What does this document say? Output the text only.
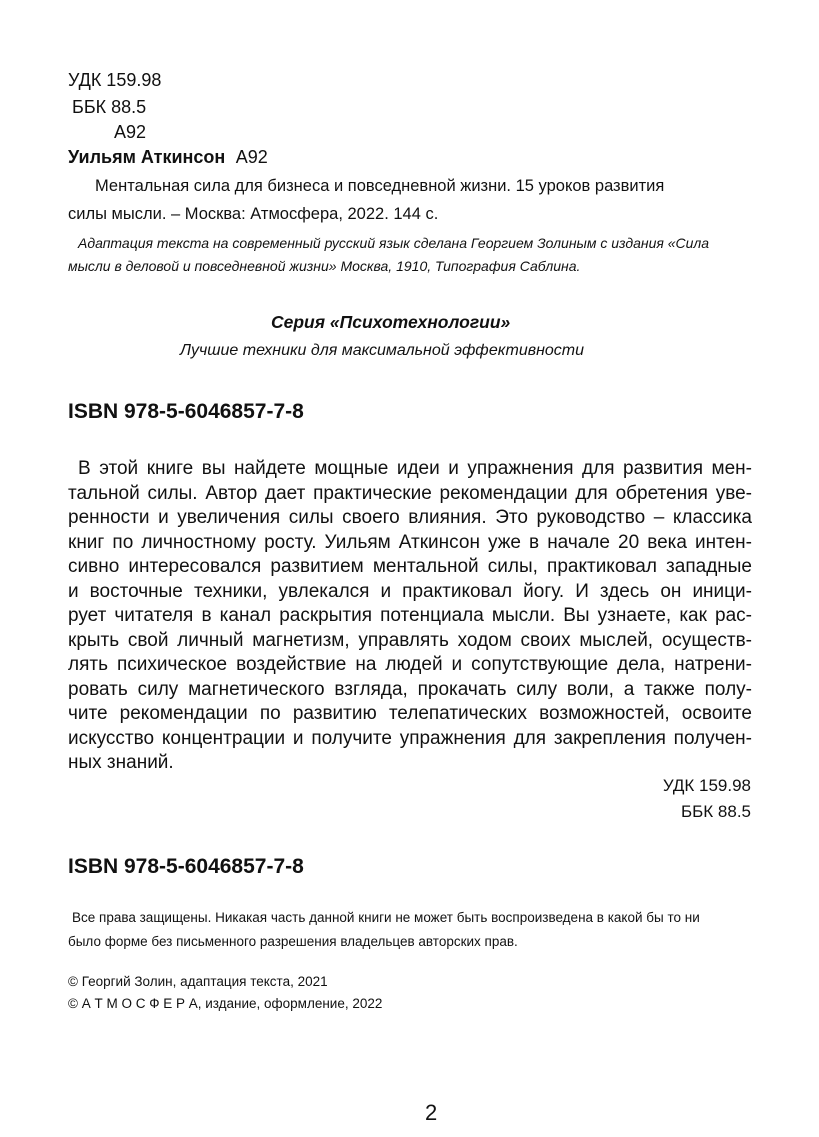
УДК 159.98
ББК 88.5
А92
Уильям Аткинсон А92
Ментальная сила для бизнеса и повседневной жизни. 15 уроков развития
силы мысли. – Москва: Атмосфера, 2022. 144 с.
Адаптация текста на современный русский язык сделана Георгием Золиным с издания «Сила
мысли в деловой и повседневной жизни» Москва, 1910, Типография Саблина.
Серия «Психотехнологии»
Лучшие техники для максимальной эффективности
ISBN 978-5-6046857-7-8
В этой книге вы найдете мощные идеи и упражнения для развития мен-
тальной силы. Автор дает практические рекомендации для обретения уве-
ренности и увеличения силы своего влияния. Это руководство – классика
книг по личностному росту. Уильям Аткинсон уже в начале 20 века интен-
сивно интересовался развитием ментальной силы, практиковал западные
и восточные техники, увлекался и практиковал йогу. И здесь он иници-
рует читателя в канал раскрытия потенциала мысли. Вы узнаете, как рас-
крыть свой личный магнетизм, управлять ходом своих мыслей, осуществ-
лять психическое воздействие на людей и сопутствующие дела, натрени-
ровать силу магнетического взгляда, прокачать силу воли, а также полу-
чите рекомендации по развитию телепатических возможностей, освоите
искусство концентрации и получите упражнения для закрепления получен-
ных знаний.
УДК 159.98
ББК 88.5
ISBN 978-5-6046857-7-8
Все права защищены. Никакая часть данной книги не может быть воспроизведена в какой бы то ни
было форме без письменного разрешения владельцев авторских прав.
© Георгий Золин, адаптация текста, 2021
© А Т М О С Ф Е Р А, издание, оформление, 2022
2
